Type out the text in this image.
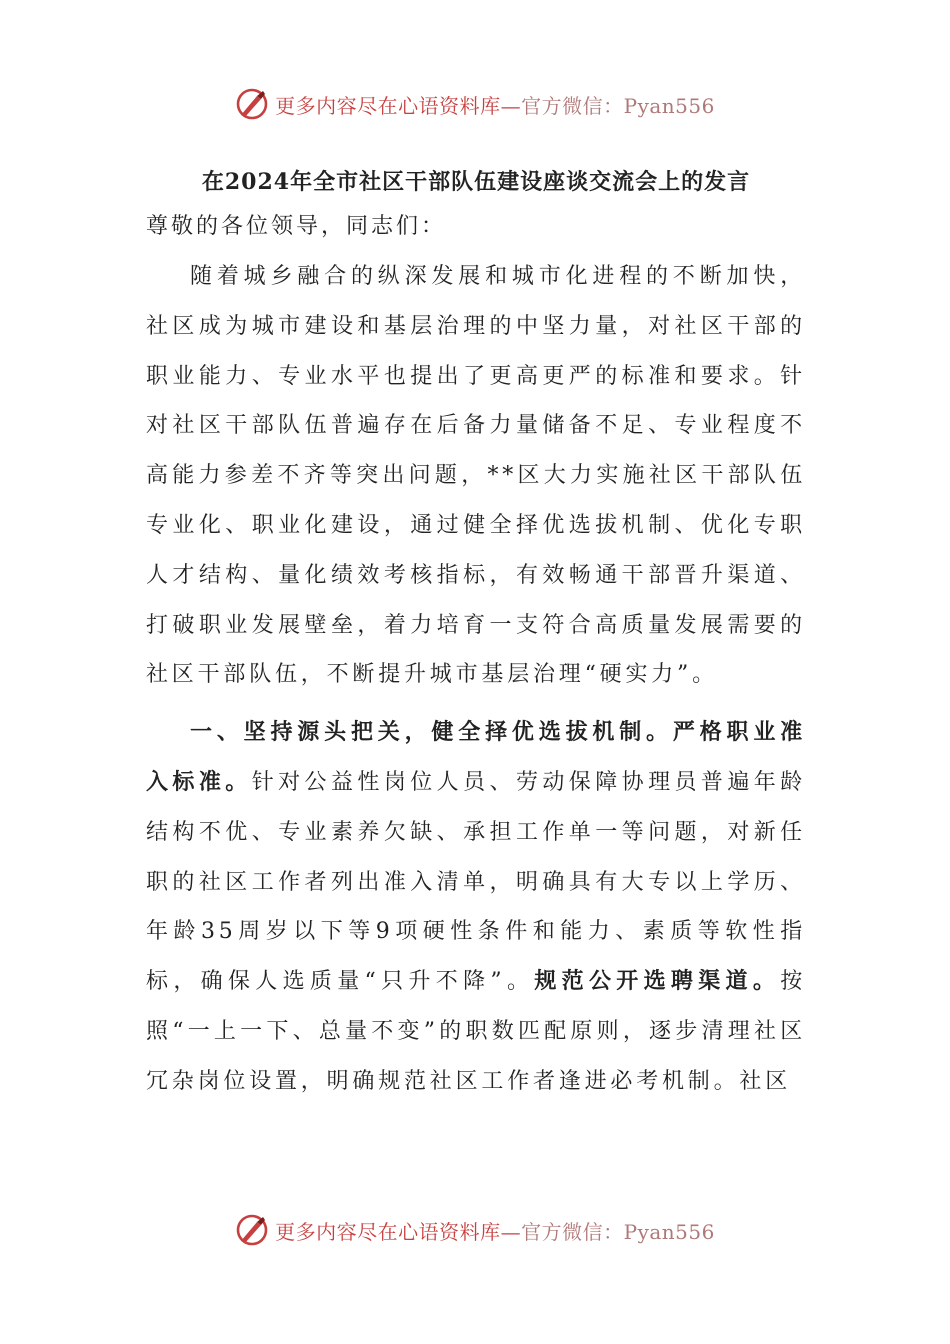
更多内容尽在心语资料库—官方微信：Pyan556
在2024年全市社区干部队伍建设座谈交流会上的发言
尊敬的各位领导，同志们：

随着城乡融合的纵深发展和城市化进程的不断加快，社区成为城市建设和基层治理的中坚力量，对社区干部的职业能力、专业水平也提出了更高更严的标准和要求。针对社区干部队伍普遍存在后备力量储备不足、专业程度不高能力参差不齐等突出问题，**区大力实施社区干部队伍专业化、职业化建设，通过健全择优选拔机制、优化专职人才结构、量化绩效考核指标，有效畅通干部晋升渠道、打破职业发展壁垒，着力培育一支符合高质量发展需要的社区干部队伍，不断提升城市基层治理“硬实力”。

一、坚持源头把关，健全择优选拔机制。严格职业准入标准。针对公益性岗位人员、劳动保障协理员普遍年龄结构不优、专业素养欠缺、承担工作单一等问题，对新任职的社区工作者列出准入清单，明确具有大专以上学历、年龄35周岁以下等9项硬性条件和能力、素质等软性指标，确保人选质量“只升不降”。规范公开选聘渠道。按照“一上一下、总量不变”的职数匹配原则，逐步清理社区冗杂岗位设置，明确规范社区工作者逢进必考机制。社区

更多内容尽在心语资料库—官方微信：Pyan556
